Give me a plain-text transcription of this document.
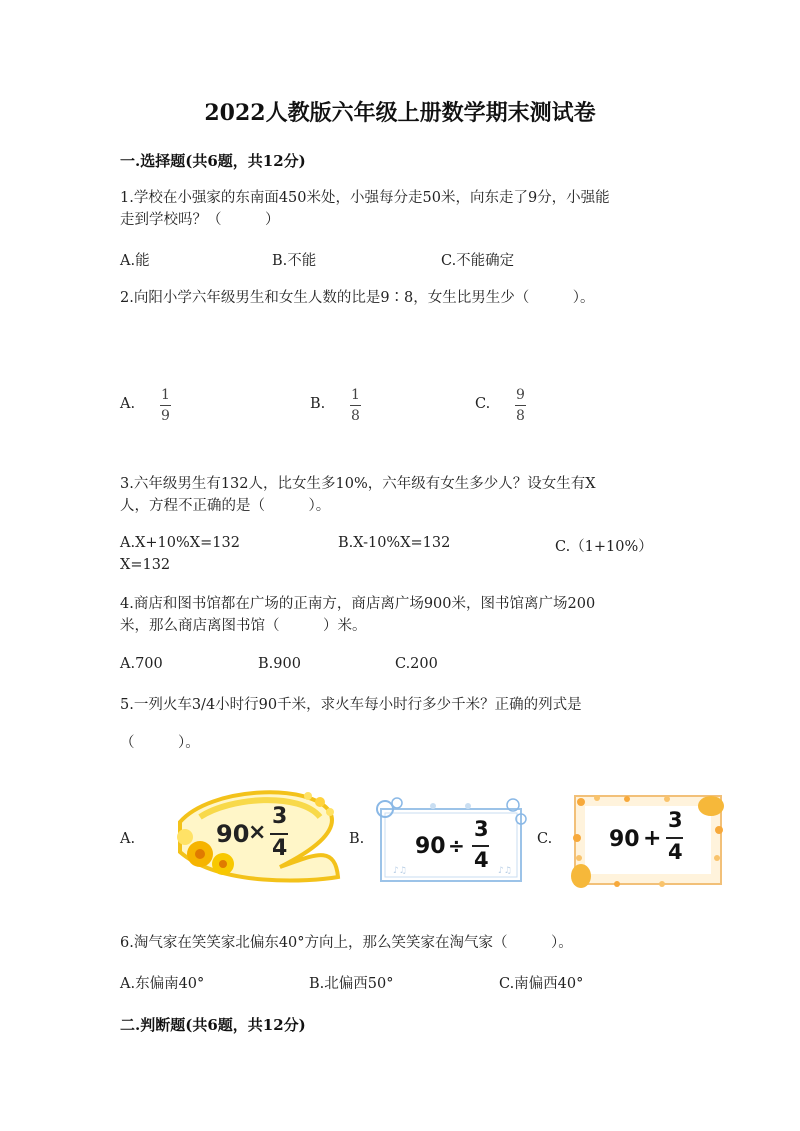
2022人教版六年级上册数学期末测试卷
一.选择题(共6题，共12分)
1.学校在小强家的东南面450米处，小强每分走50米，向东走了9分，小强能
走到学校吗？（　　　）
A.能	B.不能	C.不能确定
2.向阳小学六年级男生和女生人数的比是9∶8，女生比男生少（　　　）。
A.
1
9
B.
1
8
C.
9
8
3.六年级男生有132人，比女生多10%，六年级有女生多少人？设女生有X
人，方程不正确的是（　　　）。
A.X+10%X=132	B.X-10%X=132	C.（1+10%）
X=132
4.商店和图书馆都在广场的正南方，商店离广场900米，图书馆离广场200
米，那么商店离图书馆（　　　）米。
A.700	B.900	C.200
5.一列火车3/4小时行90千米，求火车每小时行多少千米？正确的列式是
（　　　）。
A.	90
×
3
4	B.
♪♫	♪♫
90 ÷
3
4
C.	90 +
3
4
6.淘气家在笑笑家北偏东40°方向上，那么笑笑家在淘气家（　　　）。
A.东偏南40°	B.北偏西50°	C.南偏西40°
二.判断题(共6题，共12分)
